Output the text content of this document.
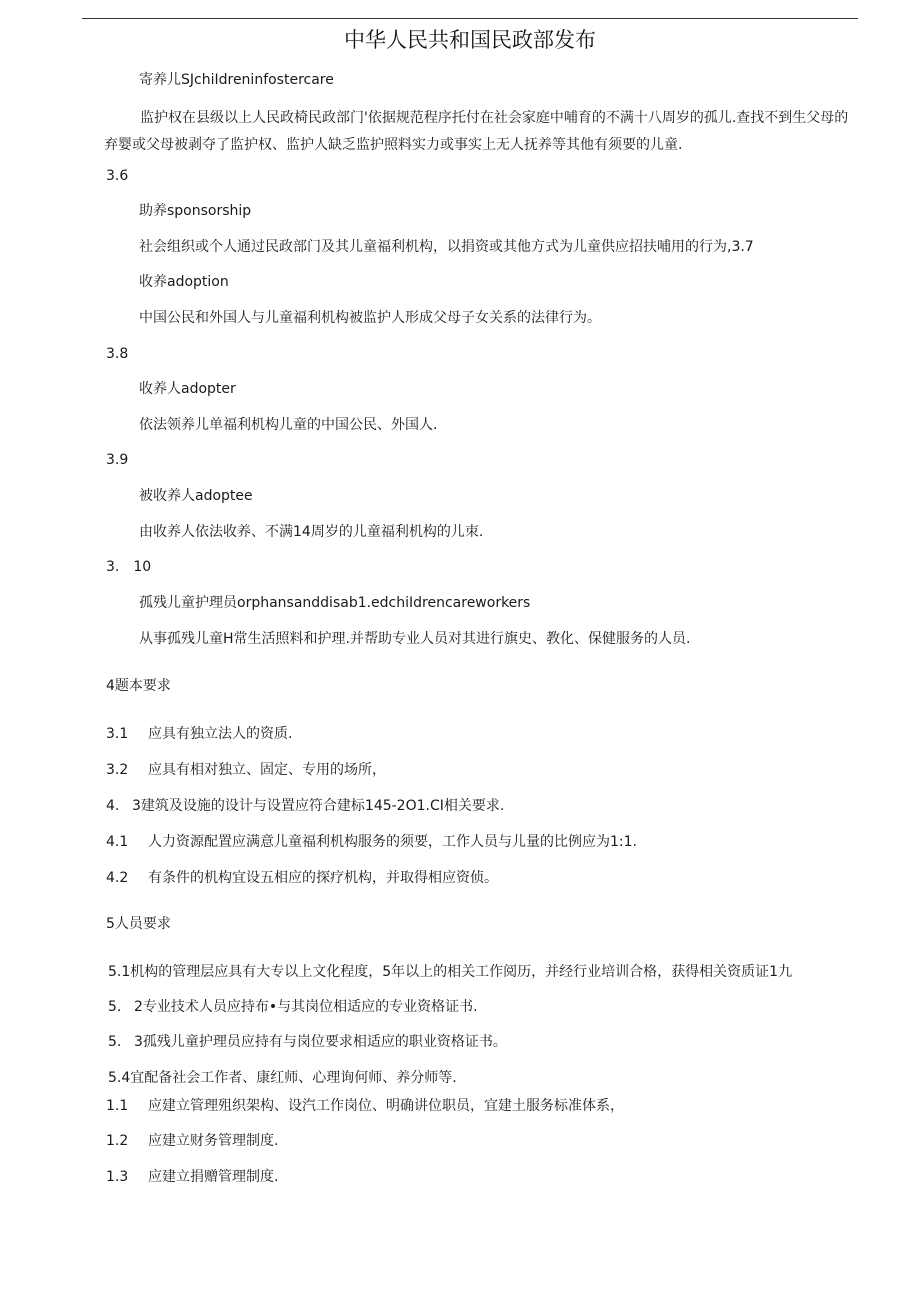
中华人民共和国民政部发布
寄养儿SJchiIdreninfostercare
监护权在县级以上人民政椅民政部门'依据规范程序托付在社会家庭中哺育的不满十八周岁的孤儿.查找不到生父母的弃婴或父母被剥夺了监护权、监护人缺乏监护照料实力或事实上无人抚养等其他有须要的儿童.
3.6
助养sponsorship
社会组织或个人通过民政部门及其儿童福利机构，以捐资或其他方式为儿童供应招扶哺用的行为,3.7
收养adoption
中国公民和外国人与儿童福利机构被监护人形成父母子女关系的法律行为。
3.8
收养人adopter
依法领养儿单福利机构儿童的中国公民、外国人.
3.9
被收养人adoptee
由收养人依法收养、不满14周岁的儿童福利机构的儿朿.
3. 10
孤残儿童护理员orphansanddisab1.edchiIdrencareworkers
从事孤残儿童H常生活照料和护理.并帮助专业人员对其进行旗史、教化、保健服务的人员.
4题本要求
3.1 应具有独立法人的资质.
3.2 应具有相对独立、固定、专用的场所，
4. 3建筑及设施的设计与设置应符合建标145-2O1.CI相关要求.
4.1 人力资源配置应满意儿童福利机构服务的须要，工作人员与儿量的比例应为1:1.
4.2 有条件的机构宜设五相应的探疗机构，并取得相应资侦。
5人员要求
5.1机构的管理层应具有大专以上文化程度，5年以上的相关工作阅历，并经行业培训合格，获得相关资质证1九
5. 2专业技术人员应持布•与其岗位相适应的专业资格证书.
5. 3孤残儿童护理员应持有与岗位要求相适应的职业资格证书。
5.4宜配备社会工作者、康红师、心理询何师、养分师等.
1.1 应建立管理殂织架构、设汽工作岗位、明确讲位职员，宜建土服务标准体系，
1.2 应建立财务管理制度.
1.3 应建立捐赠管理制度.
